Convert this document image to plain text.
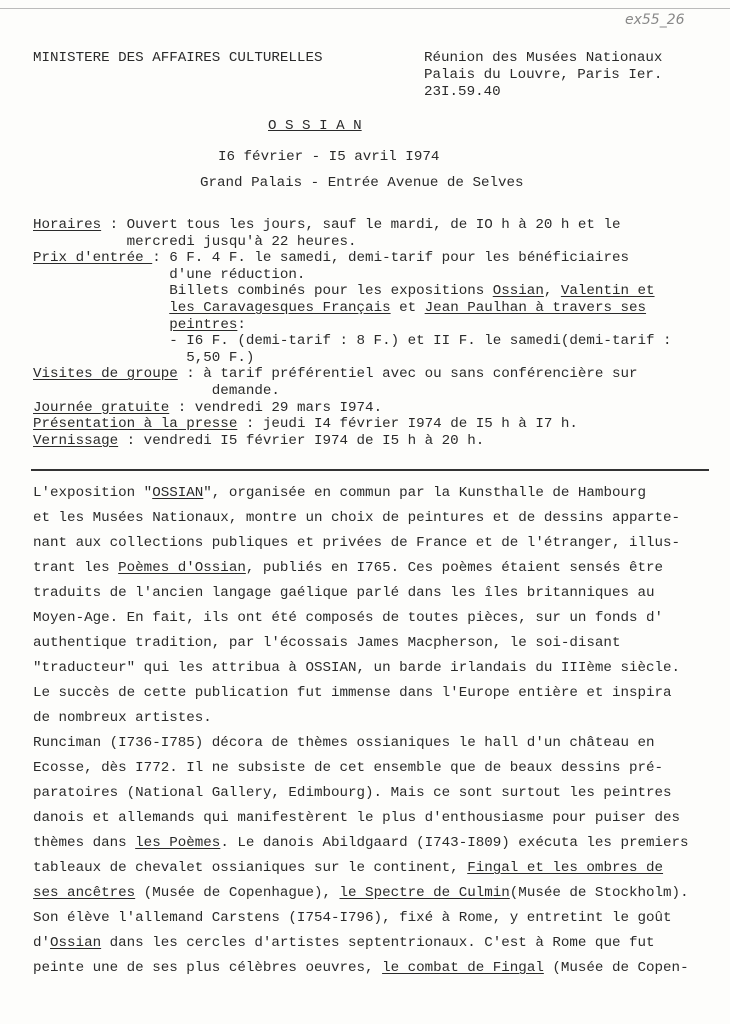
ex55_26
MINISTERE DES AFFAIRES CULTURELLES	Réunion des Musées Nationaux
Palais du Louvre, Paris Ier.
23I.59.40
O S S I A N
I6 février - I5 avril I974
Grand Palais - Entrée Avenue de Selves
Horaires : Ouvert tous les jours, sauf le mardi, de IO h à 20 h et le
mercredi jusqu'à 22 heures.
Prix d'entrée : 6 F. 4 F. le samedi, demi-tarif pour les bénéficiaires
d'une réduction.
Billets combinés pour les expositions Ossian, Valentin et
les Caravagesques Français et Jean Paulhan à travers ses
peintres:
- I6 F. (demi-tarif : 8 F.) et II F. le samedi(demi-tarif :
5,50 F.)
Visites de groupe : à tarif préférentiel avec ou sans conférencière sur
demande.
Journée gratuite : vendredi 29 mars I974.
Présentation à la presse : jeudi I4 février I974 de I5 h à I7 h.
Vernissage : vendredi I5 février I974 de I5 h à 20 h.
L'exposition "OSSIAN", organisée en commun par la Kunsthalle de Hambourg
et les Musées Nationaux, montre un choix de peintures et de dessins apparte-
nant aux collections publiques et privées de France et de l'étranger, illus-
trant les Poèmes d'Ossian, publiés en I765. Ces poèmes étaient sensés être
traduits de l'ancien langage gaélique parlé dans les îles britanniques au
Moyen-Age. En fait, ils ont été composés de toutes pièces, sur un fonds d'
authentique tradition, par l'écossais James Macpherson, le soi-disant
"traducteur" qui les attribua à OSSIAN, un barde irlandais du IIIème siècle.
Le succès de cette publication fut immense dans l'Europe entière et inspira
de nombreux artistes.
Runciman (I736-I785) décora de thèmes ossianiques le hall d'un château en
Ecosse, dès I772. Il ne subsiste de cet ensemble que de beaux dessins pré-
paratoires (National Gallery, Edimbourg). Mais ce sont surtout les peintres
danois et allemands qui manifestèrent le plus d'enthousiasme pour puiser des
thèmes dans les Poèmes. Le danois Abildgaard (I743-I809) exécuta les premiers
tableaux de chevalet ossianiques sur le continent, Fingal et les ombres de
ses ancêtres (Musée de Copenhague), le Spectre de Culmin(Musée de Stockholm).
Son élève l'allemand Carstens (I754-I796), fixé à Rome, y entretint le goût
d'Ossian dans les cercles d'artistes septentrionaux. C'est à Rome que fut
peinte une de ses plus célèbres oeuvres, le combat de Fingal (Musée de Copen-
